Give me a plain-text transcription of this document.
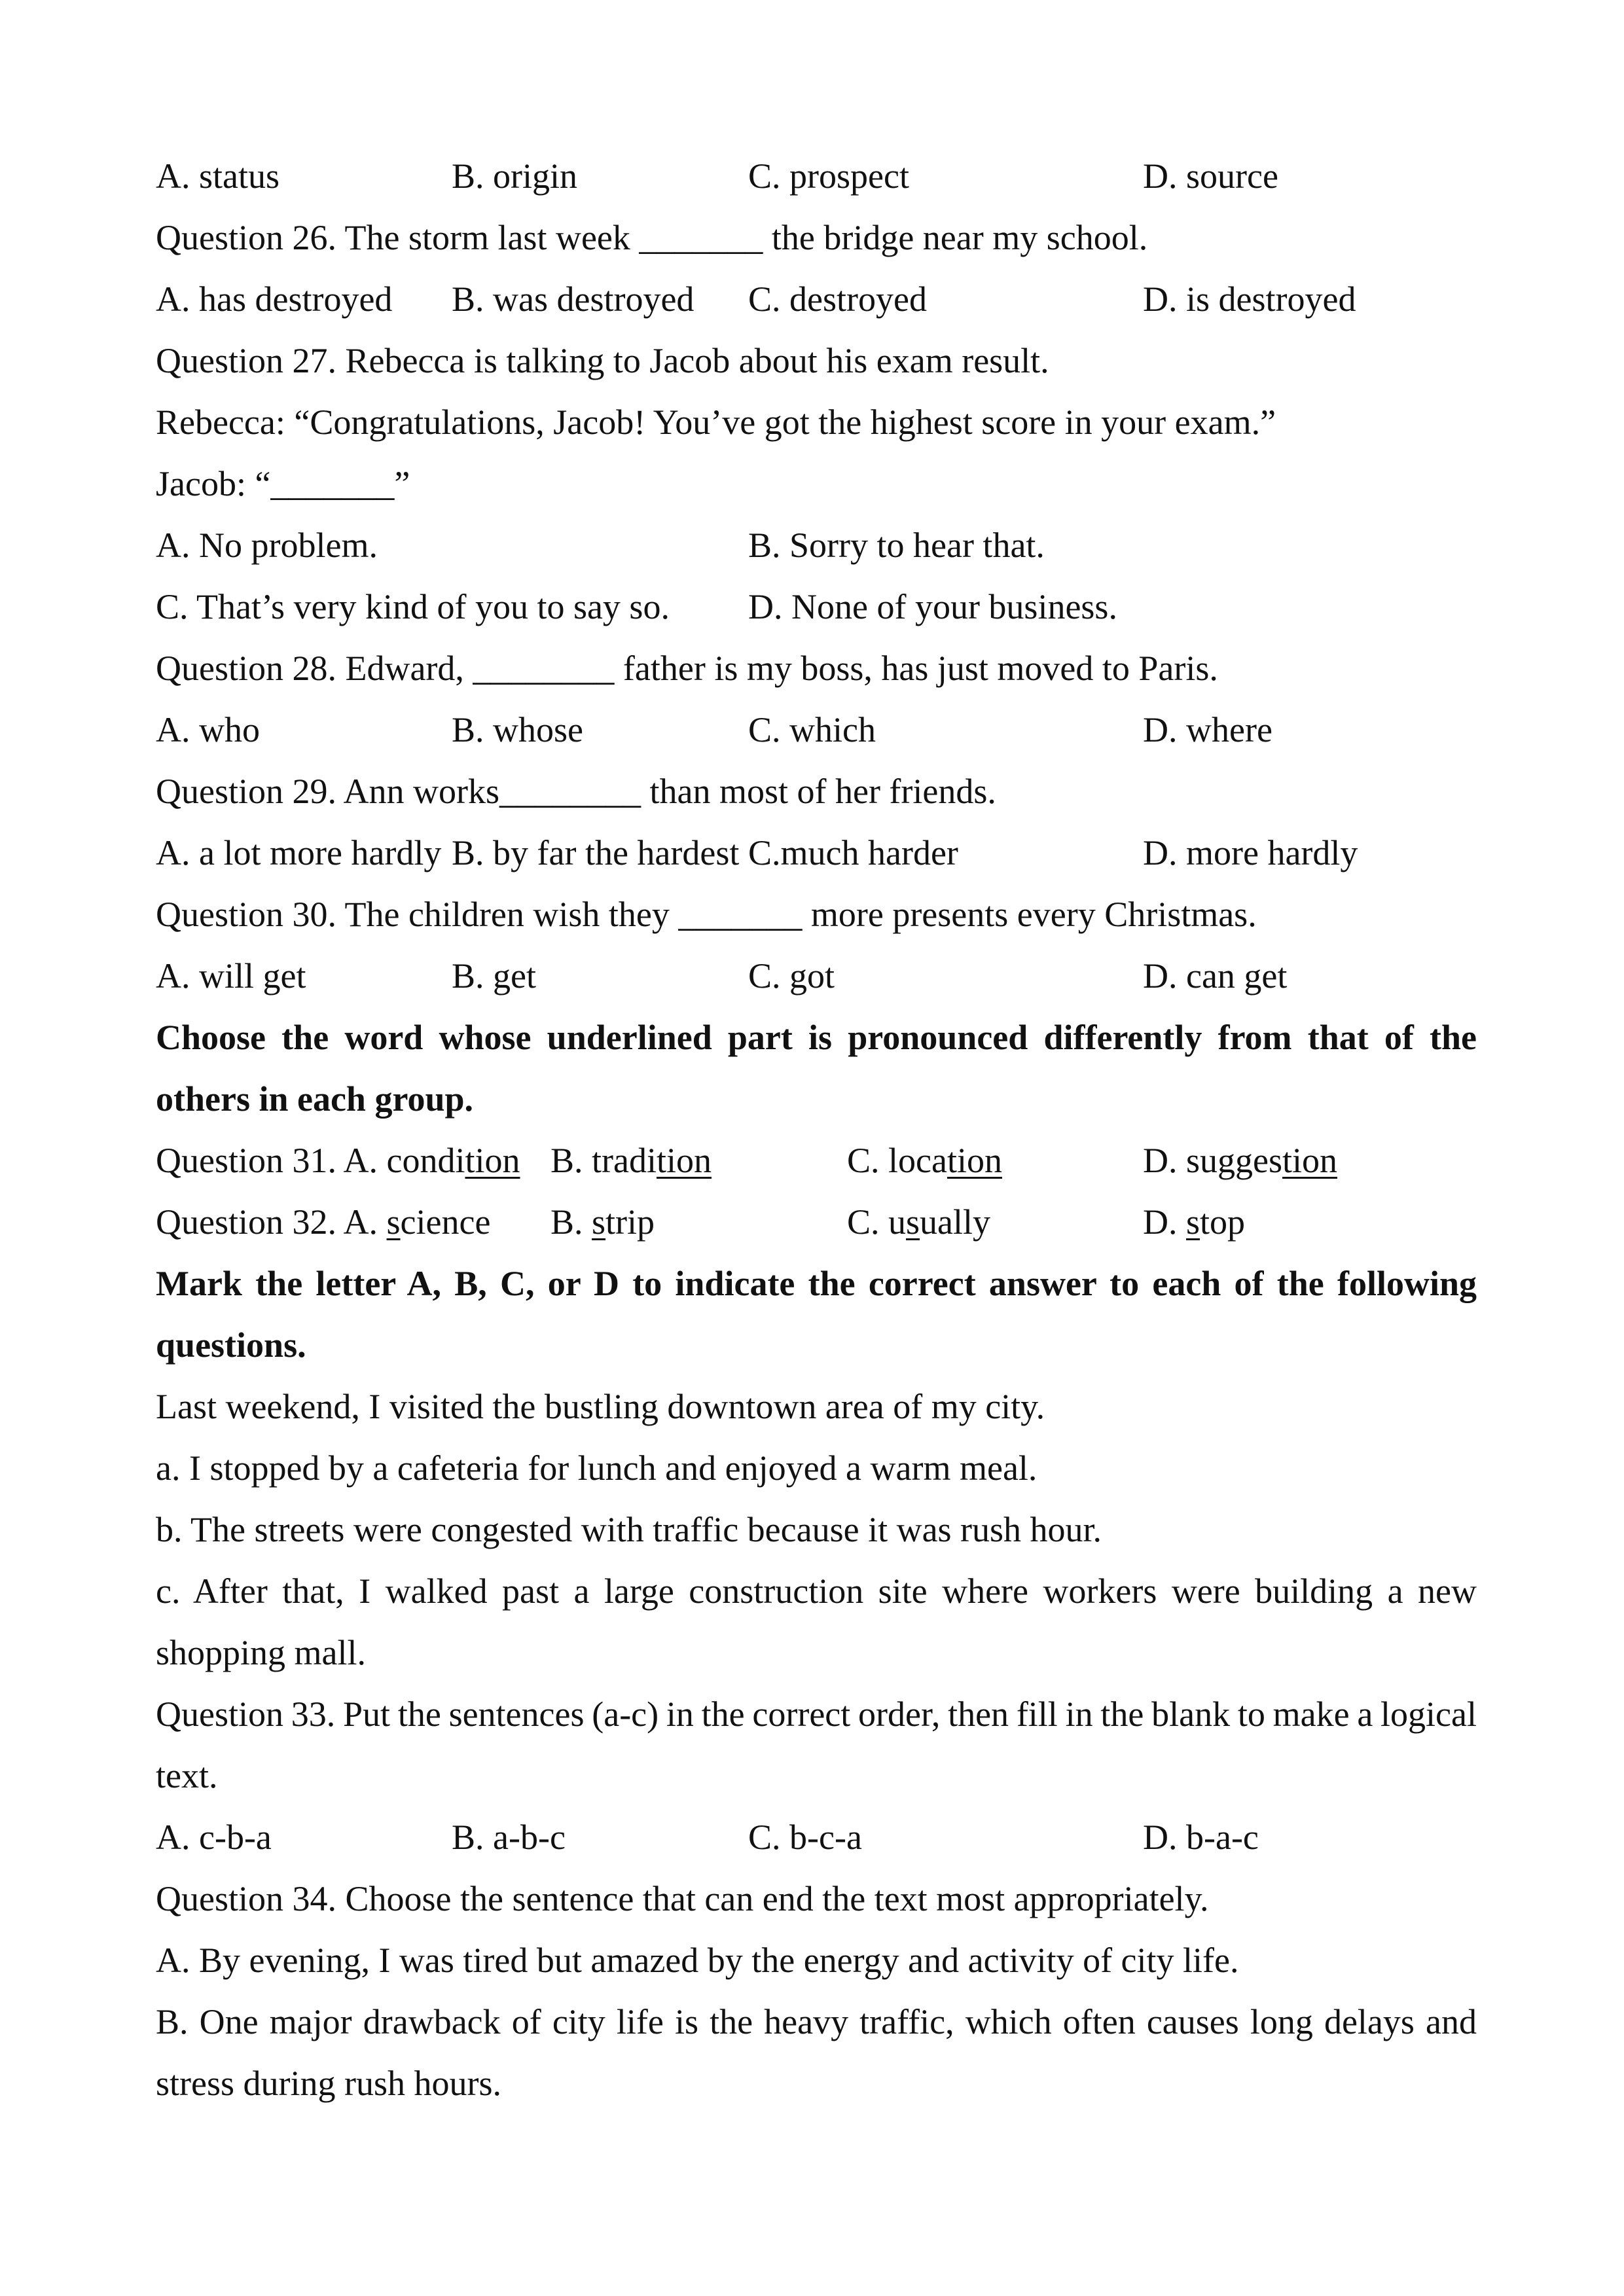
A. status	B. origin	C. prospect	D. source
Question 26. The storm last week _______ the bridge near my school.
A. has destroyed B. was destroyed C. destroyed	D. is destroyed
Question 27. Rebecca is talking to Jacob about his exam result.
Rebecca: “Congratulations, Jacob! You’ve got the highest score in your exam.”
Jacob: “_______”
A. No problem.	B. Sorry to hear that.
C. That’s very kind of you to say so. D. None of your business.
Question 28. Edward, ________ father is my boss, has just moved to Paris.
A. who	B. whose	C. which	D. where
Question 29. Ann works________ than most of her friends.
A. a lot more hardly B. by far the hardest C.much harder	D. more hardly
Question 30. The children wish they _______ more presents every Christmas.
A. will get	B. get	C. got	D. can get

Choose the word whose underlined part is pronounced differently from that of the others in each group.

Question 31. A. condition B. tradition	C. location	D. suggestion
Question 32. A. science B. strip	C. usually	D. stop

Mark the letter A, B, C, or D to indicate the correct answer to each of the following questions.

Last weekend, I visited the bustling downtown area of my city.

a. I stopped by a cafeteria for lunch and enjoyed a warm meal.

b. The streets were congested with traffic because it was rush hour.

c. After that, I walked past a large construction site where workers were building a new shopping mall.

Question 33. Put the sentences (a-c) in the correct order, then fill in the blank to make a logical text.

A. c-b-a	B. a-b-c	C. b-c-a	D. b-a-c
Question 34. Choose the sentence that can end the text most appropriately.

A. By evening, I was tired but amazed by the energy and activity of city life.

B. One major drawback of city life is the heavy traffic, which often causes long delays and stress during rush hours.
